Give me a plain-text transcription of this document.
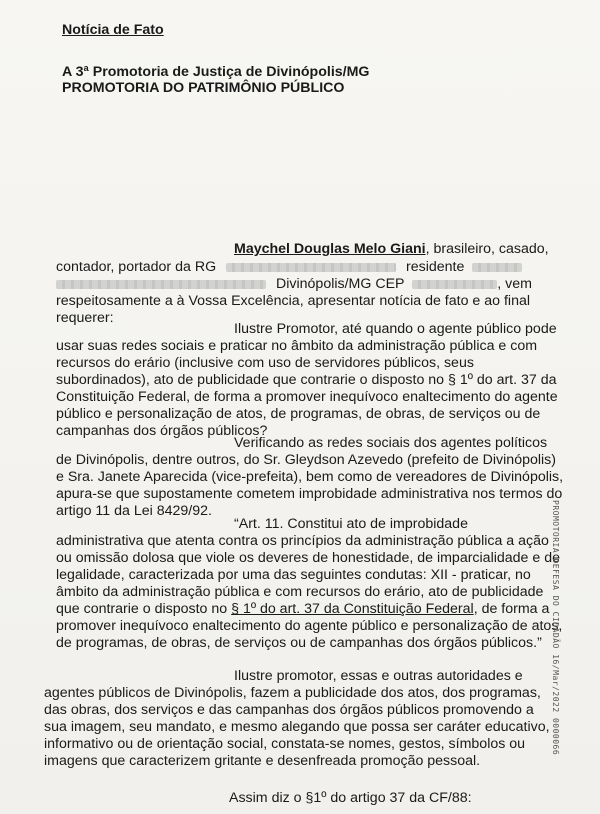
Notícia de Fato
A 3ª Promotoria de Justiça de Divinópolis/MG
PROMOTORIA DO PATRIMÔNIO PÚBLICO
Maychel Douglas Melo Giani, brasileiro, casado,
contador, portador da RG	residente
Divinópolis/MG CEP	, vem
respeitosamente a à Vossa Excelência, apresentar notícia de fato e ao final
requerer:
Ilustre Promotor, até quando o agente público pode
usar suas redes sociais e praticar no âmbito da administração pública e com
recursos do erário (inclusive com uso de servidores públicos, seus
subordinados), ato de publicidade que contrarie o disposto no § 1º do art. 37 da
Constituição Federal, de forma a promover inequívoco enaltecimento do agente
público e personalização de atos, de programas, de obras, de serviços ou de
campanhas dos órgãos públicos?
Verificando as redes sociais dos agentes políticos
de Divinópolis, dentre outros, do Sr. Gleydson Azevedo (prefeito de Divinópolis)
e Sra. Janete Aparecida (vice-prefeita), bem como de vereadores de Divinópolis,
apura-se que supostamente cometem improbidade administrativa nos termos do
artigo 11 da Lei 8429/92.
“Art. 11. Constitui ato de improbidade
administrativa que atenta contra os princípios da administração pública a ação
ou omissão dolosa que viole os deveres de honestidade, de imparcialidade e de
legalidade, caracterizada por uma das seguintes condutas: XII - praticar, no
âmbito da administração pública e com recursos do erário, ato de publicidade
que contrarie o disposto no § 1º do art. 37 da Constituição Federal, de forma a
promover inequívoco enaltecimento do agente público e personalização de atos,
de programas, de obras, de serviços ou de campanhas dos órgãos públicos.”
Ilustre promotor, essas e outras autoridades e
agentes públicos de Divinópolis, fazem a publicidade dos atos, dos programas,
das obras, dos serviços e das campanhas dos órgãos públicos promovendo a
sua imagem, seu mandato, e mesmo alegando que possa ser caráter educativo,
informativo ou de orientação social, constata-se nomes, gestos, símbolos ou
imagens que caracterizem gritante e desenfreada promoção pessoal.
Assim diz o §1º do artigo 37 da CF/88:
PROMOTORIA DEFESA DO CIDADÃO 16/Mar/2022 0000066
